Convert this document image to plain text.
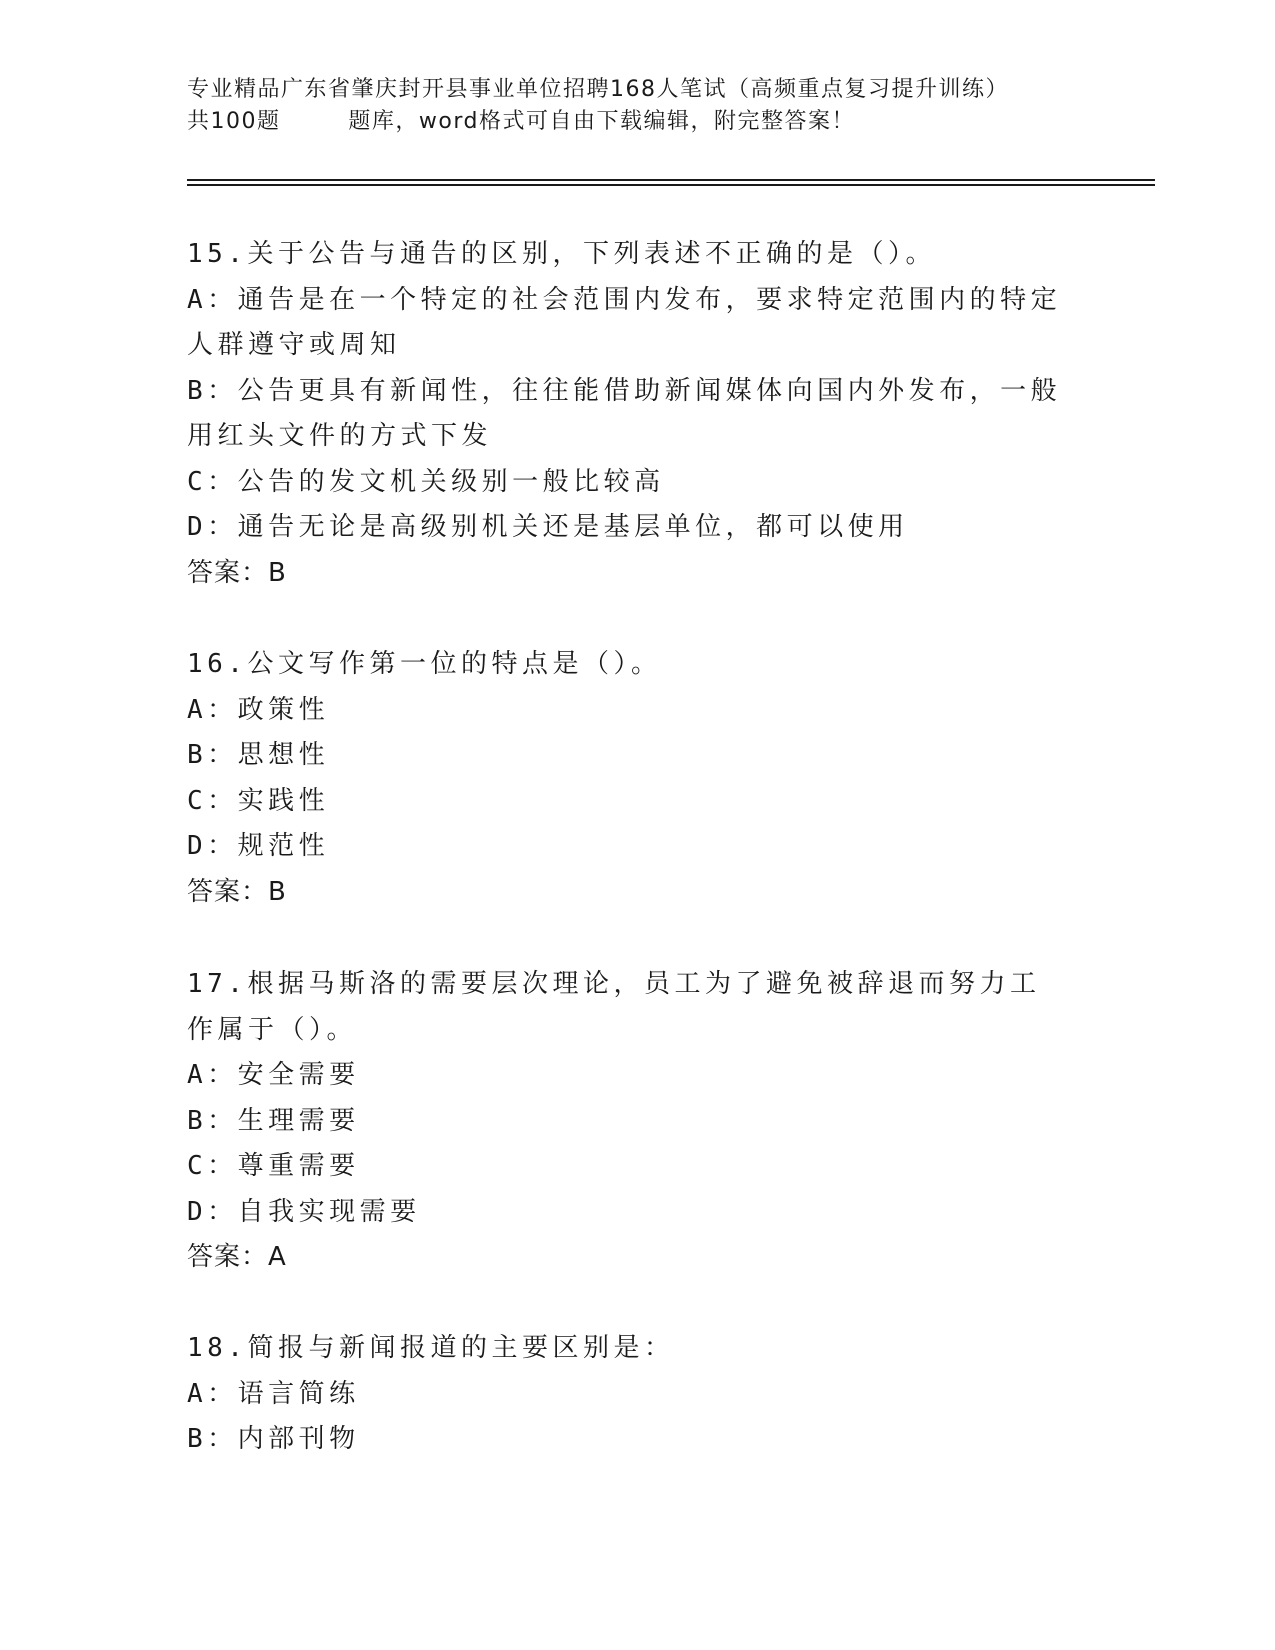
专业精品广东省肇庆封开县事业单位招聘168人笔试（高频重点复习提升训练）
共100题        题库，word格式可自由下载编辑，附完整答案！
15.关于公告与通告的区别，下列表述不正确的是（）。
A：通告是在一个特定的社会范围内发布，要求特定范围内的特定人群遵守或周知
B：公告更具有新闻性，往往能借助新闻媒体向国内外发布，一般用红头文件的方式下发
C：公告的发文机关级别一般比较高
D：通告无论是高级别机关还是基层单位，都可以使用
答案：B
16.公文写作第一位的特点是（）。
A：政策性
B：思想性
C：实践性
D：规范性
答案：B
17.根据马斯洛的需要层次理论，员工为了避免被辞退而努力工作属于（）。
A：安全需要
B：生理需要
C：尊重需要
D：自我实现需要
答案：A
18.简报与新闻报道的主要区别是：
A：语言简练
B：内部刊物
